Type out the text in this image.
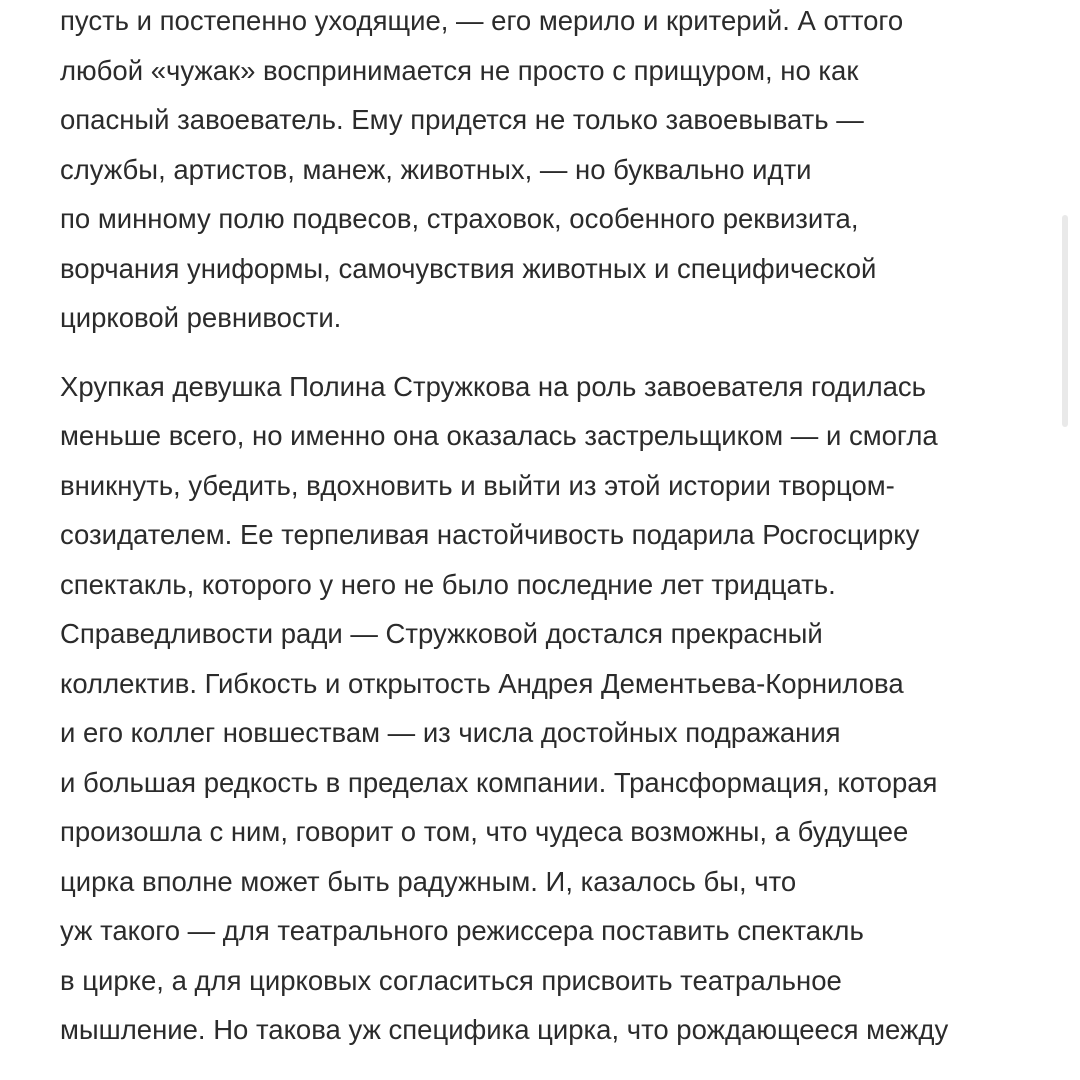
пусть и постепенно уходящие, — его мерило и критерий. А оттого
любой «чужак» воспринимается не просто с прищуром, но как
опасный завоеватель. Ему придется не только завоевывать —
службы, артистов, манеж, животных, — но буквально идти
по минному полю подвесов, страховок, особенного реквизита,
ворчания униформы, самочувствия животных и специфической
цирковой ревнивости.

Хрупкая девушка Полина Стружкова на роль завоевателя годилась
меньше всего, но именно она оказалась застрельщиком — и смогла
вникнуть, убедить, вдохновить и выйти из этой истории творцом-
созидателем. Ее терпеливая настойчивость подарила Росгосцирку
спектакль, которого у него не было последние лет тридцать.
Справедливости ради — Стружковой достался прекрасный
коллектив. Гибкость и открытость Андрея Дементьева-Корнилова
и его коллег новшествам — из числа достойных подражания
и большая редкость в пределах компании. Трансформация, которая
произошла с ним, говорит о том, что чудеса возможны, а будущее
цирка вполне может быть радужным. И, казалось бы, что
уж такого — для театрального режиссера поставить спектакль
в цирке, а для цирковых согласиться присвоить театральное
мышление. Но такова уж специфика цирка, что рождающееся между
